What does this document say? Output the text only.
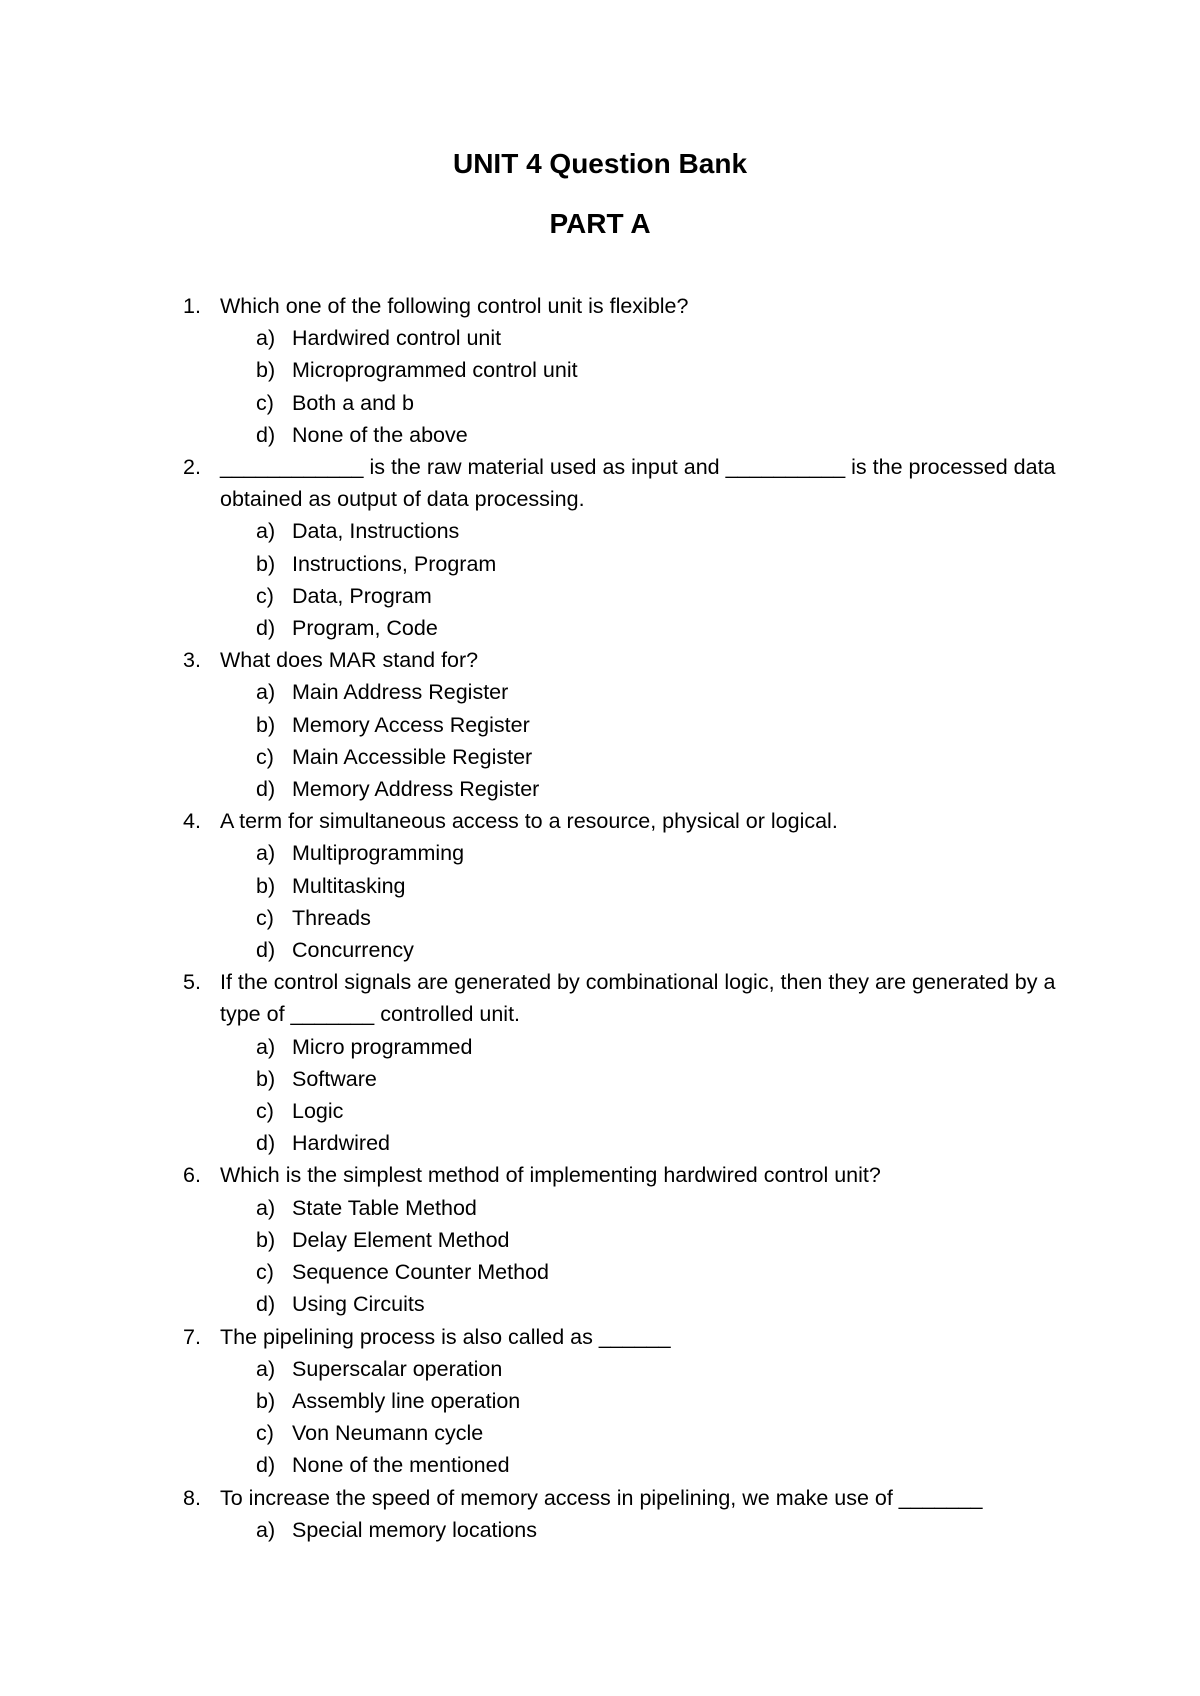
UNIT 4 Question Bank
PART A
1. Which one of the following control unit is flexible?
a) Hardwired control unit
b) Microprogrammed control unit
c) Both a and b
d) None of the above
2. ____________ is the raw material used as input and __________ is the processed data obtained as output of data processing.
a) Data, Instructions
b) Instructions, Program
c) Data, Program
d) Program, Code
3. What does MAR stand for?
a) Main Address Register
b) Memory Access Register
c) Main Accessible Register
d) Memory Address Register
4. A term for simultaneous access to a resource, physical or logical.
a) Multiprogramming
b) Multitasking
c) Threads
d) Concurrency
5. If the control signals are generated by combinational logic, then they are generated by a type of _______ controlled unit.
a) Micro programmed
b) Software
c) Logic
d) Hardwired
6. Which is the simplest method of implementing hardwired control unit?
a) State Table Method
b) Delay Element Method
c) Sequence Counter Method
d) Using Circuits
7. The pipelining process is also called as ______
a) Superscalar operation
b) Assembly line operation
c) Von Neumann cycle
d) None of the mentioned
8. To increase the speed of memory access in pipelining, we make use of _______
a) Special memory locations
